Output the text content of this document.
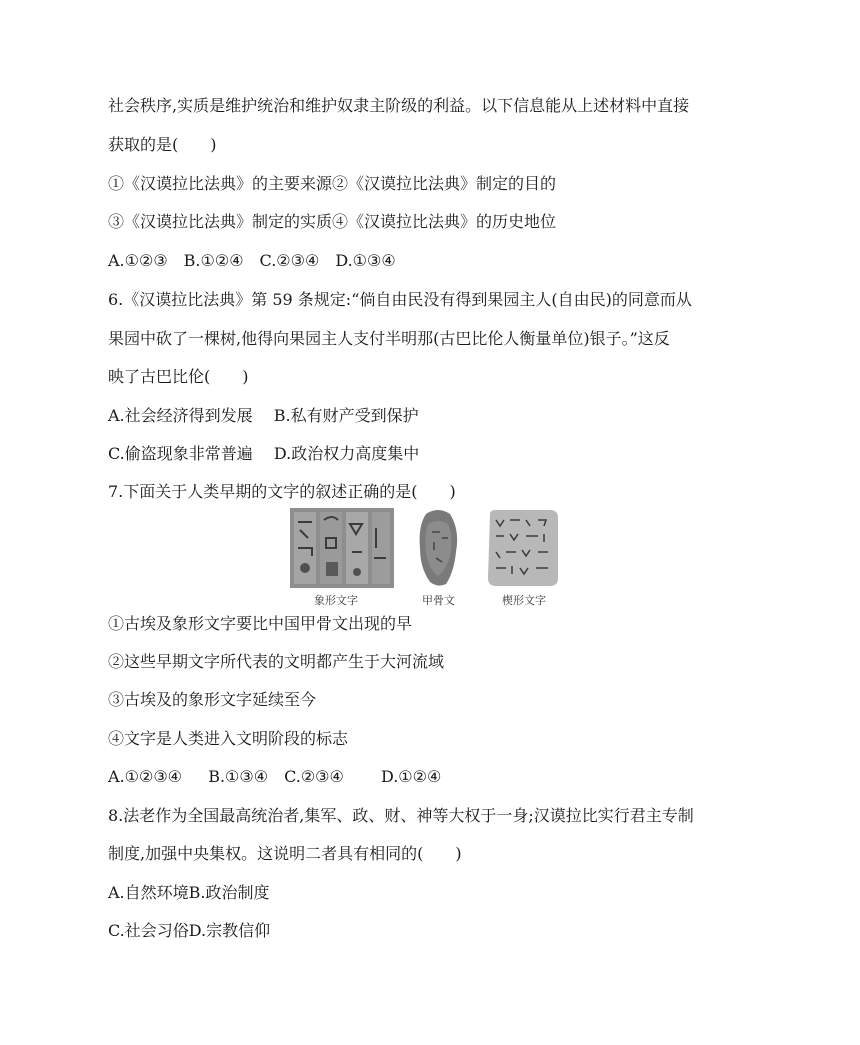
社会秩序,实质是维护统治和维护奴隶主阶级的利益。以下信息能从上述材料中直接
获取的是(　　)
①《汉谟拉比法典》的主要来源②《汉谟拉比法典》制定的目的
③《汉谟拉比法典》制定的实质④《汉谟拉比法典》的历史地位
A.①②③　B.①②④　C.②③④　D.①③④
6.《汉谟拉比法典》第 59 条规定:“倘自由民没有得到果园主人(自由民)的同意而从
果园中砍了一棵树,他得向果园主人支付半明那(古巴比伦人衡量单位)银子。”这反
映了古巴比伦(　　)
A.社会经济得到发展　 B.私有财产受到保护
C.偷盗现象非常普遍　 D.政治权力高度集中
7.下面关于人类早期的文字的叙述正确的是(　　)
象形文字	甲骨文	楔形文字
①古埃及象形文字要比中国甲骨文出现的早
②这些早期文字所代表的文明都产生于大河流域
③古埃及的象形文字延续至今
④文字是人类进入文明阶段的标志
A.①②③④　  B.①③④　C.②③④　　 D.①②④
8.法老作为全国最高统治者,集军、政、财、神等大权于一身;汉谟拉比实行君主专制
制度,加强中央集权。这说明二者具有相同的(　　)
A.自然环境B.政治制度
C.社会习俗D.宗教信仰
